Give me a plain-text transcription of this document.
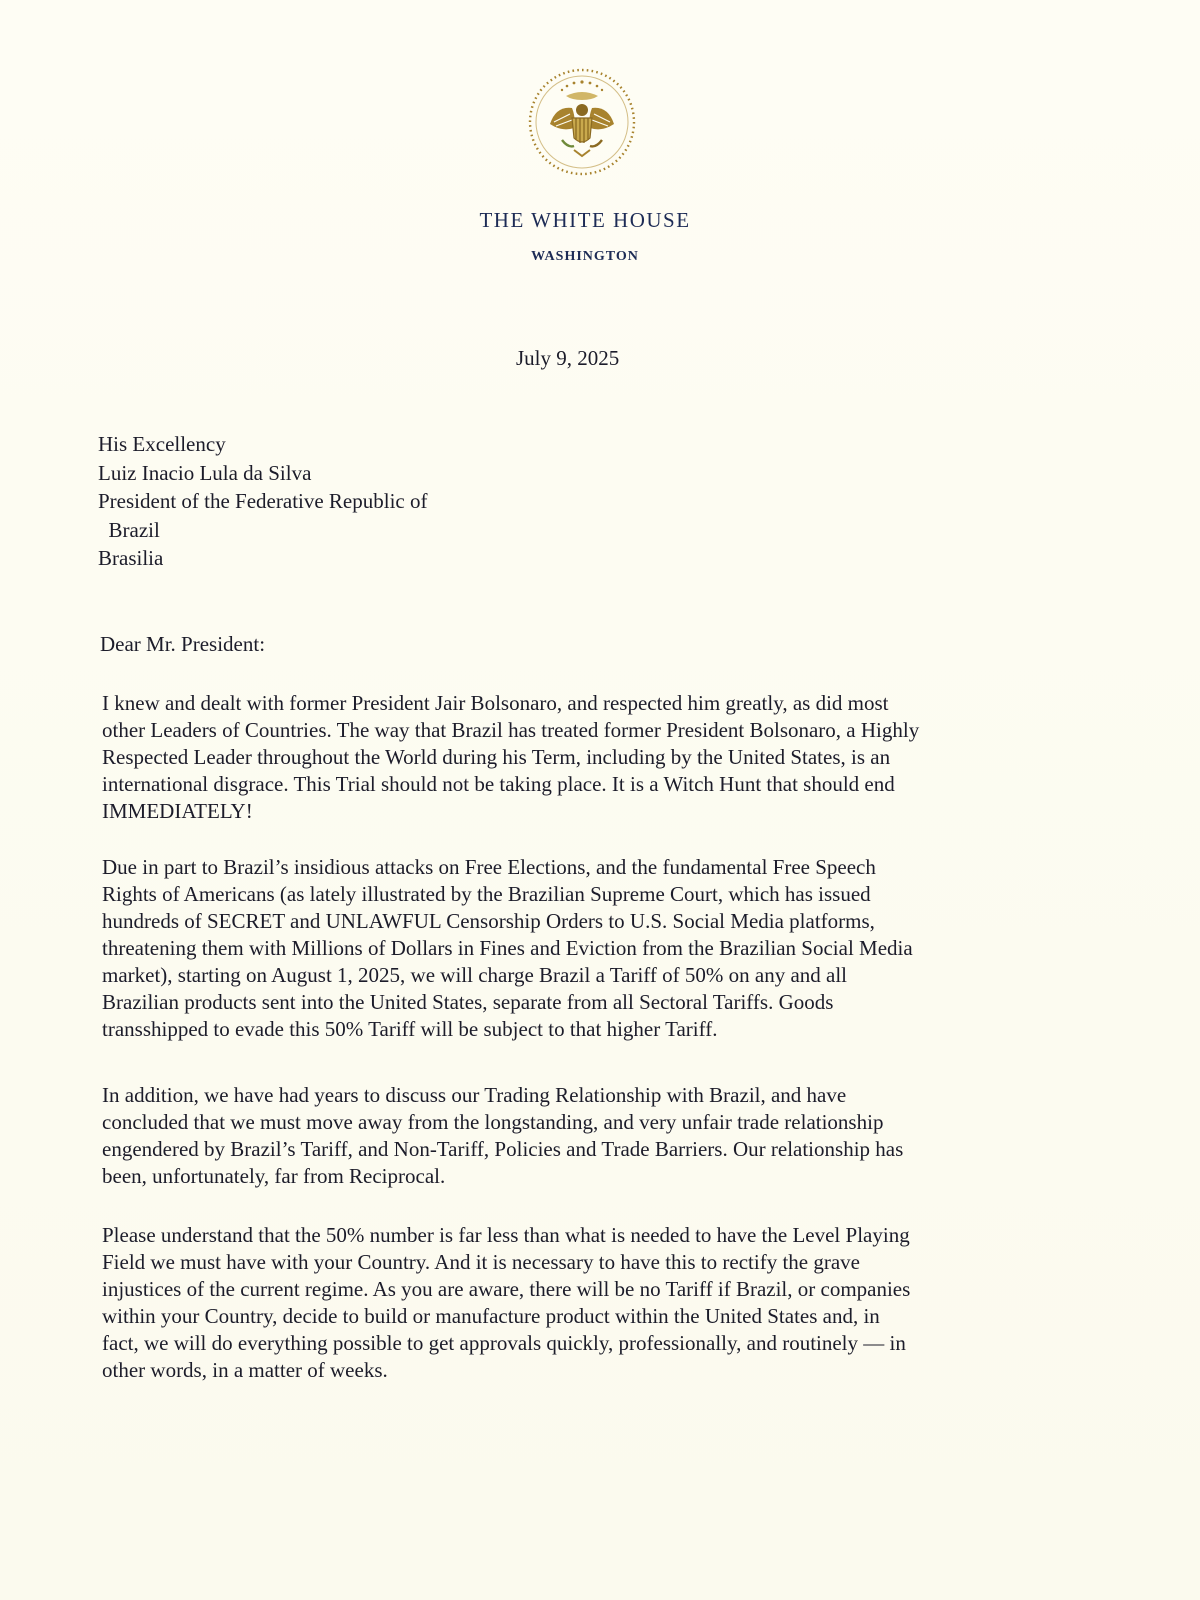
THE WHITE HOUSE
WASHINGTON
July 9, 2025
His Excellency
Luiz Inacio Lula da Silva
President of the Federative Republic of
Brazil
Brasilia
Dear Mr. President:
I knew and dealt with former President Jair Bolsonaro, and respected him greatly, as did most
other Leaders of Countries. The way that Brazil has treated former President Bolsonaro, a Highly
Respected Leader throughout the World during his Term, including by the United States, is an
international disgrace. This Trial should not be taking place. It is a Witch Hunt that should end
IMMEDIATELY!
Due in part to Brazil’s insidious attacks on Free Elections, and the fundamental Free Speech
Rights of Americans (as lately illustrated by the Brazilian Supreme Court, which has issued
hundreds of SECRET and UNLAWFUL Censorship Orders to U.S. Social Media platforms,
threatening them with Millions of Dollars in Fines and Eviction from the Brazilian Social Media
market), starting on August 1, 2025, we will charge Brazil a Tariff of 50% on any and all
Brazilian products sent into the United States, separate from all Sectoral Tariffs. Goods
transshipped to evade this 50% Tariff will be subject to that higher Tariff.
In addition, we have had years to discuss our Trading Relationship with Brazil, and have
concluded that we must move away from the longstanding, and very unfair trade relationship
engendered by Brazil’s Tariff, and Non-Tariff, Policies and Trade Barriers. Our relationship has
been, unfortunately, far from Reciprocal.
Please understand that the 50% number is far less than what is needed to have the Level Playing
Field we must have with your Country. And it is necessary to have this to rectify the grave
injustices of the current regime. As you are aware, there will be no Tariff if Brazil, or companies
within your Country, decide to build or manufacture product within the United States and, in
fact, we will do everything possible to get approvals quickly, professionally, and routinely — in
other words, in a matter of weeks.
